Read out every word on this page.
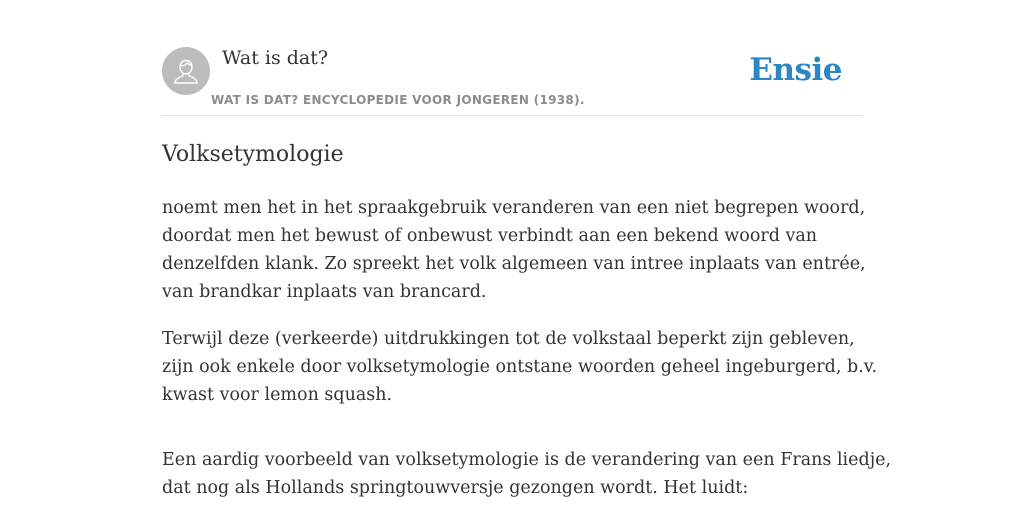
Wat is dat?
WAT IS DAT? ENCYCLOPEDIE VOOR JONGEREN (1938).
Ensie
Volksetymologie

noemt men het in het spraakgebruik veranderen van een niet begrepen woord,
doordat men het bewust of onbewust verbindt aan een bekend woord van
denzelfden klank. Zo spreekt het volk algemeen van intree inplaats van entrée,
van brandkar inplaats van brancard.

Terwijl deze (verkeerde) uitdrukkingen tot de volkstaal beperkt zijn gebleven,
zijn ook enkele door volksetymologie ontstane woorden geheel ingeburgerd, b.v.
kwast voor lemon squash.

Een aardig voorbeeld van volksetymologie is de verandering van een Frans liedje,
dat nog als Hollands springtouwversje gezongen wordt. Het luidt:
